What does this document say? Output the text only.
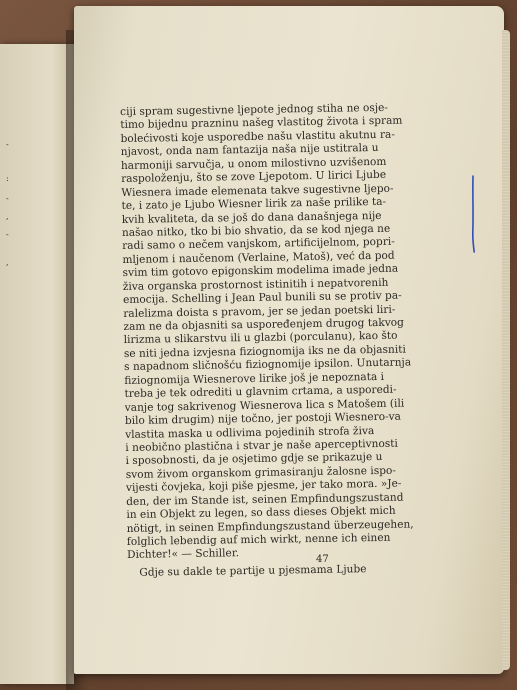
-
:
-
,
-
,
ciji spram sugestivne ljepote jednog stiha ne osje-
timo bijednu prazninu našeg vlastitog života i spram
bolećivosti koje usporedbe našu vlastitu akutnu ra-
njavost, onda nam fantazija naša nije ustitrala u
harmoniji sarvučja, u onom milostivno uzvišenom
raspoloženju, što se zove Ljepotom. U lirici Ljube
Wiesnera imade elemenata takve sugestivne ljepo-
te, i zato je Ljubo Wiesner lirik za naše prilike ta-
kvih kvaliteta, da se još do dana današnjega nije
našao nitko, tko bi bio shvatio, da se kod njega ne
radi samo o nečem vanjskom, artificijelnom, popri-
mljenom i naučenom (Verlaine, Matoš), već da pod
svim tim gotovo epigonskim modelima imade jedna
živa organska prostornost istinitih i nepatvorenih
emocija. Schelling i Jean Paul bunili su se protiv pa-
ralelizma doista s pravom, jer se jedan poetski liri-
zam ne da objasniti sa uspoređenjem drugog takvog
lirizma u slikarstvu ili u glazbi (porculanu), kao što
se niti jedna izvjesna fiziognomija iks ne da objasniti
s napadnom sličnošću fiziognomije ipsilon. Unutarnja
fiziognomija Wiesnerove lirike još je nepoznata i
treba je tek odrediti u glavnim crtama, a usporedi-
vanje tog sakrivenog Wiesnerova lica s Matošem (ili
bilo kim drugim) nije točno, jer postoji Wiesnero-va
vlastita maska u odlivima pojedinih strofa živa
i neobično plastična i stvar je naše aperceptivnosti
i sposobnosti, da je osjetimo gdje se prikazuje u
svom živom organskom grimasiranju žalosne ispo-
vijesti čovjeka, koji piše pjesme, jer tako mora. »Je-
den, der im Stande ist, seinen Empfindungszustand
in ein Objekt zu legen, so dass dieses Objekt mich
nötigt, in seinen Empfindungszustand überzeugehen,
folglich lebendig auf mich wirkt, nenne ich einen
Dichter!« — Schiller.
Gdje su dakle te partije u pjesmama Ljube
47
